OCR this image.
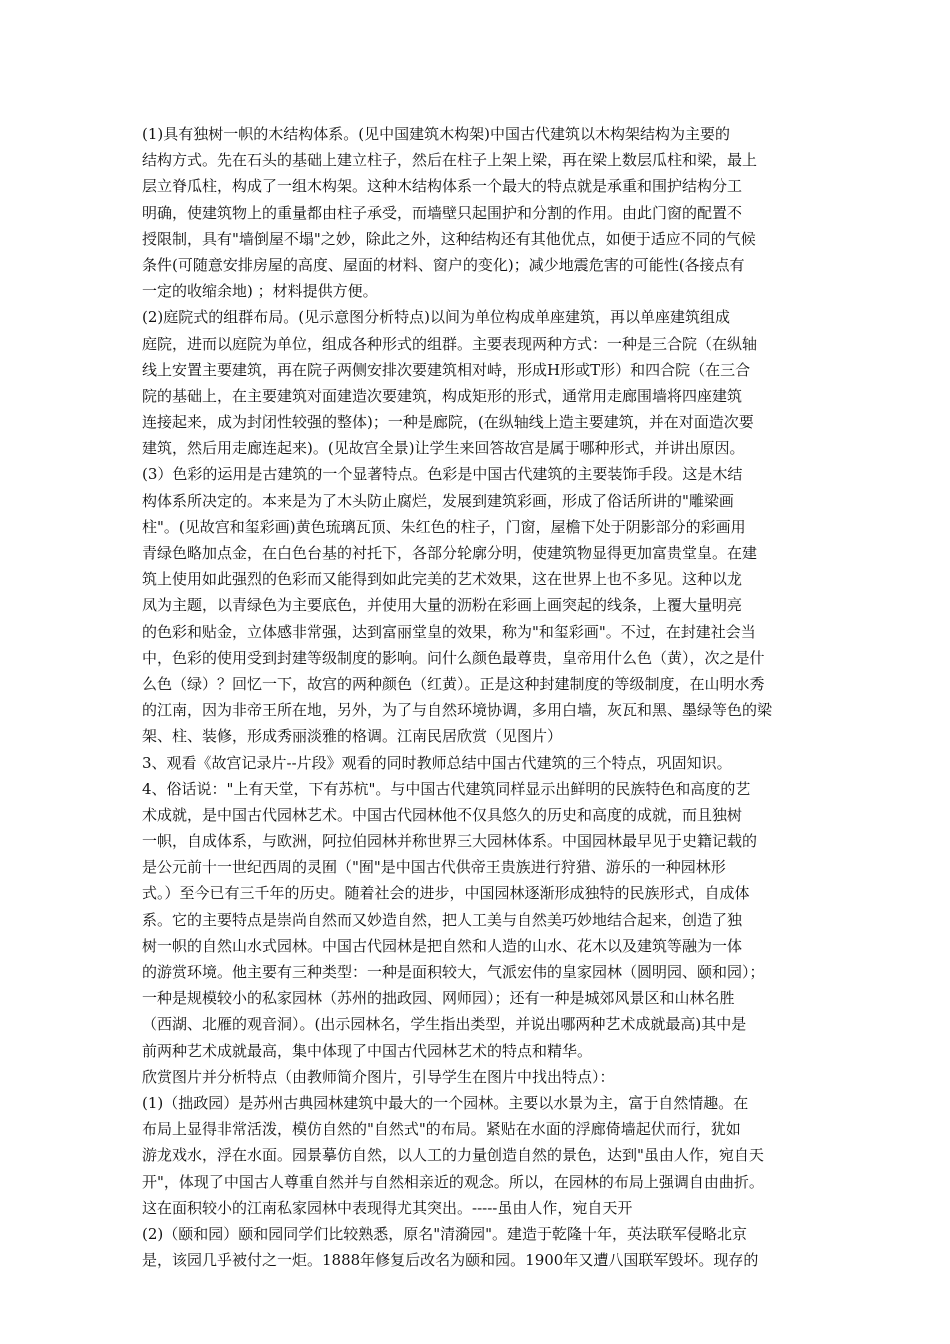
(1)具有独树一帜的木结构体系。(见中国建筑木构架)中国古代建筑以木构架结构为主要的
结构方式。先在石头的基础上建立柱子，然后在柱子上架上梁，再在梁上数层瓜柱和梁，最上
层立脊瓜柱，构成了一组木构架。这种木结构体系一个最大的特点就是承重和围护结构分工
明确，使建筑物上的重量都由柱子承受，而墙壁只起围护和分割的作用。由此门窗的配置不
授限制，具有"墙倒屋不塌"之妙，除此之外，这种结构还有其他优点，如便于适应不同的气候
条件(可随意安排房屋的高度、屋面的材料、窗户的变化)；减少地震危害的可能性(各接点有
一定的收缩余地) ；材料提供方便。
(2)庭院式的组群布局。(见示意图分析特点)以间为单位构成单座建筑，再以单座建筑组成
庭院，进而以庭院为单位，组成各种形式的组群。主要表现两种方式：一种是三合院（在纵轴
线上安置主要建筑，再在院子两侧安排次要建筑相对峙，形成H形或T形）和四合院（在三合
院的基础上，在主要建筑对面建造次要建筑，构成矩形的形式，通常用走廊围墙将四座建筑
连接起来，成为封闭性较强的整体)；一种是廊院，(在纵轴线上造主要建筑，并在对面造次要
建筑，然后用走廊连起来)。(见故宫全景)让学生来回答故宫是属于哪种形式，并讲出原因。
(3）色彩的运用是古建筑的一个显著特点。色彩是中国古代建筑的主要装饰手段。这是木结
构体系所决定的。本来是为了木头防止腐烂，发展到建筑彩画，形成了俗话所讲的"雕梁画
柱"。(见故宫和玺彩画)黄色琉璃瓦顶、朱红色的柱子，门窗，屋檐下处于阴影部分的彩画用
青绿色略加点金，在白色台基的衬托下，各部分轮廓分明，使建筑物显得更加富贵堂皇。在建
筑上使用如此强烈的色彩而又能得到如此完美的艺术效果，这在世界上也不多见。这种以龙
凤为主题，以青绿色为主要底色，并使用大量的沥粉在彩画上画突起的线条，上覆大量明亮
的色彩和贴金，立体感非常强，达到富丽堂皇的效果，称为"和玺彩画"。不过，在封建社会当
中，色彩的使用受到封建等级制度的影响。问什么颜色最尊贵，皇帝用什么色（黄），次之是什
么色（绿）？回忆一下，故宫的两种颜色（红黄）。正是这种封建制度的等级制度，在山明水秀
的江南，因为非帝王所在地，另外，为了与自然环境协调，多用白墙，灰瓦和黑、墨绿等色的梁
架、柱、装修，形成秀丽淡雅的格调。江南民居欣赏（见图片）
3、观看《故宫记录片--片段》观看的同时教师总结中国古代建筑的三个特点，巩固知识。
4、俗话说："上有天堂，下有苏杭"。与中国古代建筑同样显示出鲜明的民族特色和高度的艺
术成就，是中国古代园林艺术。中国古代园林他不仅具悠久的历史和高度的成就，而且独树
一帜，自成体系，与欧洲，阿拉伯园林并称世界三大园林体系。中国园林最早见于史籍记载的
是公元前十一世纪西周的灵囿（"囿"是中国古代供帝王贵族进行狩猎、游乐的一种园林形
式。）至今已有三千年的历史。随着社会的进步，中国园林逐渐形成独特的民族形式，自成体
系。它的主要特点是崇尚自然而又妙造自然，把人工美与自然美巧妙地结合起来，创造了独
树一帜的自然山水式园林。中国古代园林是把自然和人造的山水、花木以及建筑等融为一体
的游赏环境。他主要有三种类型：一种是面积较大，气派宏伟的皇家园林（圆明园、颐和园）；
一种是规模较小的私家园林（苏州的拙政园、网师园）；还有一种是城郊风景区和山林名胜
（西湖、北雁的观音洞）。(出示园林名，学生指出类型，并说出哪两种艺术成就最高)其中是
前两种艺术成就最高，集中体现了中国古代园林艺术的特点和精华。
欣赏图片并分析特点（由教师简介图片，引导学生在图片中找出特点）：
(1)（拙政园）是苏州古典园林建筑中最大的一个园林。主要以水景为主，富于自然情趣。在
布局上显得非常活泼，模仿自然的"自然式"的布局。紧贴在水面的浮廊倚墙起伏而行，犹如
游龙戏水，浮在水面。园景摹仿自然，以人工的力量创造自然的景色，达到"虽由人作，宛自天
开"，体现了中国古人尊重自然并与自然相亲近的观念。所以，在园林的布局上强调自由曲折。
这在面积较小的江南私家园林中表现得尤其突出。-----虽由人作，宛自天开
(2)（颐和园）颐和园同学们比较熟悉，原名"清漪园"。建造于乾隆十年，英法联军侵略北京
是，该园几乎被付之一炬。1888年修复后改名为颐和园。1900年又遭八国联军毁坏。现存的
